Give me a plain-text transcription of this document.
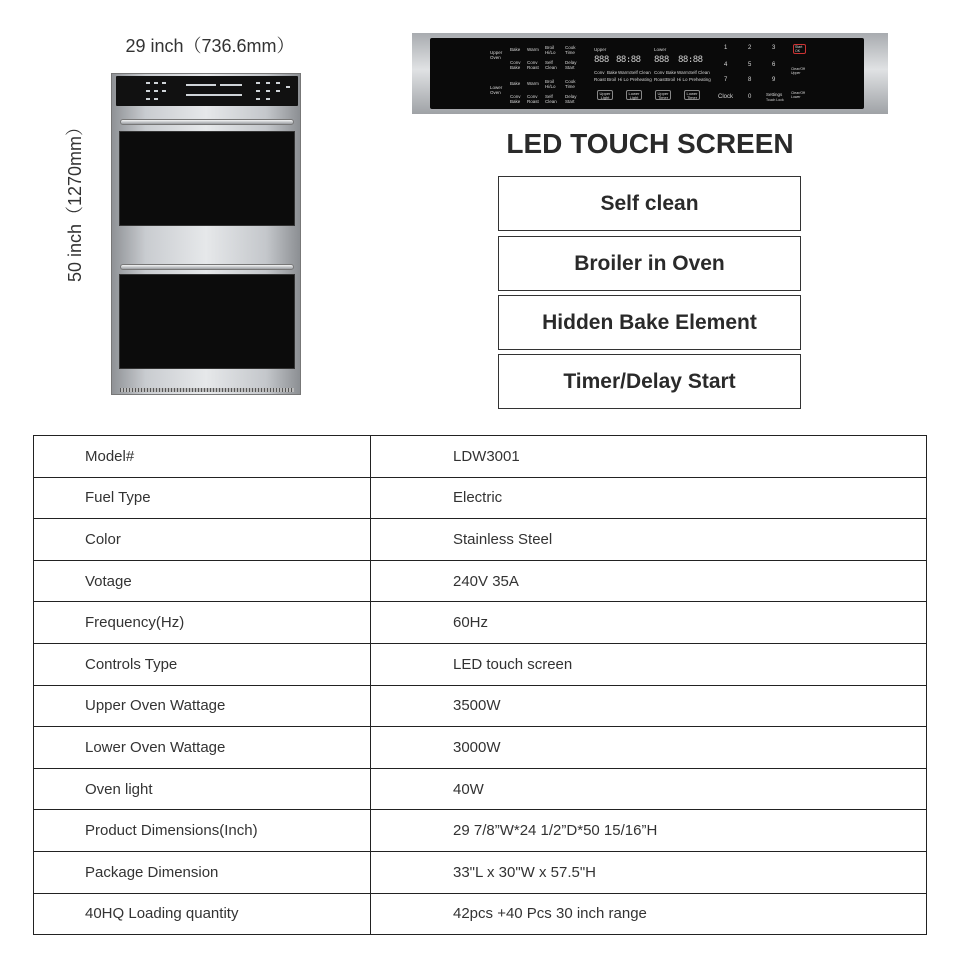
29 inch（736.6mm）
50 inch（1270mm）
Upper Oven
Bake Warm Broil Hi/Lo
Cook Time
Conv Bake
Conv Roast
Self Clean
Delay Start
Lower Oven
Bake Warm Broil Hi/Lo
Cook Time
Conv Bake
Conv Roast
Self Clean
Delay Start
Upper	Lower
888 88:88 888 88:88
Conv Bake Warm Self Clean Conv Bake Warm Self Clean
Roast Broil Hi Lo Preheating Roast Broil Hi Lo Preheating
Upper Light
Lower Light
Upper Timer
Lower Timer
1	2	3
4	5	6
7	8	9
Clock 0	Settings
Touch Lock
Start OK
Clear/Off Upper
Clear/Off Lower
LED TOUCH SCREEN
Self clean
Broiler in Oven
Hidden Bake Element
Timer/Delay Start
Model#	LDW3001
Fuel Type	Electric
Color	Stainless Steel
Votage	240V 35A
Frequency(Hz)	60Hz
Controls Type	LED touch screen
Upper Oven Wattage	3500W
Lower Oven Wattage	3000W
Oven light	40W
Product Dimensions(Inch)	29 7/8”W*24 1/2”D*50 15/16”H
Package Dimension	33"L x 30"W x 57.5"H
40HQ Loading quantity	42pcs +40 Pcs 30 inch range
